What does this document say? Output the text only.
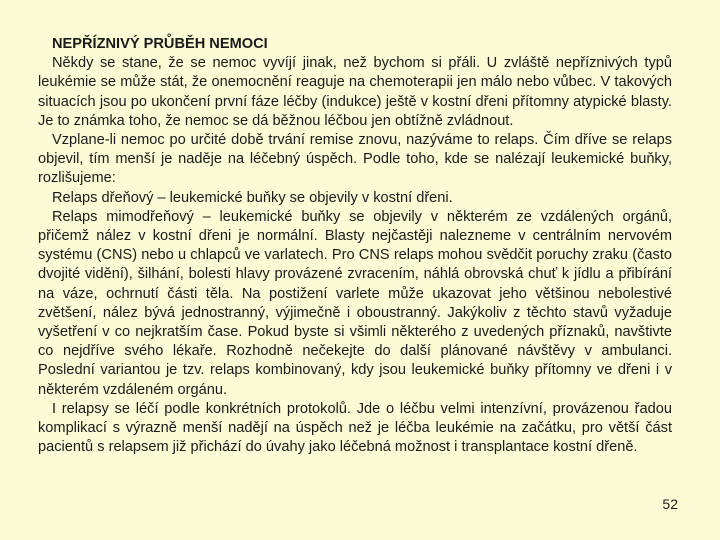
NEPŘÍZNIVÝ PRŮBĚH NEMOCI

Někdy se stane, že se nemoc vyvíjí jinak, než bychom si přáli. U zvláště nepříznivých typů leukémie se může stát, že onemocnění reaguje na chemoterapii jen málo nebo vůbec. V takových situacích jsou po ukončení první fáze léčby (indukce) ještě v kostní dřeni přítomny atypické blasty. Je to známka toho, že nemoc se dá běžnou léčbou jen obtížně zvládnout.

Vzplane-li nemoc po určité době trvání remise znovu, nazýváme to relaps. Čím dříve se relaps objevil, tím menší je naděje na léčebný úspěch. Podle toho, kde se nalézají leukemické buňky, rozlišujeme:

Relaps dřeňový – leukemické buňky se objevily v kostní dřeni.

Relaps mimodřeňový – leukemické buňky se objevily v některém ze vzdálených orgánů, přičemž nález v kostní dřeni je normální. Blasty nejčastěji nalezneme v centrálním nervovém systému (CNS) nebo u chlapců ve varlatech. Pro CNS relaps mohou svědčit poruchy zraku (často dvojité vidění), šilhání, bolesti hlavy provázené zvracením, náhlá obrovská chuť k jídlu a přibírání na váze, ochrnutí části těla. Na postižení varlete může ukazovat jeho většinou nebolestivé zvětšení, nález bývá jednostranný, výjimečně i oboustranný. Jakýkoliv z těchto stavů vyžaduje vyšetření v co nejkratším čase. Pokud byste si všimli některého z uvedených příznaků, navštivte co nejdříve svého lékaře. Rozhodně nečekejte do další plánované návštěvy v ambulanci. Poslední variantou je tzv. relaps kombinovaný, kdy jsou leukemické buňky přítomny ve dřeni i v některém vzdáleném orgánu.

I relapsy se léčí podle konkrétních protokolů. Jde o léčbu velmi intenzívní, provázenou řadou komplikací s výrazně menší nadějí na úspěch než je léčba leukémie na začátku, pro větší část pacientů s relapsem již přichází do úvahy jako léčebná možnost i transplantace kostní dřeně.

52
